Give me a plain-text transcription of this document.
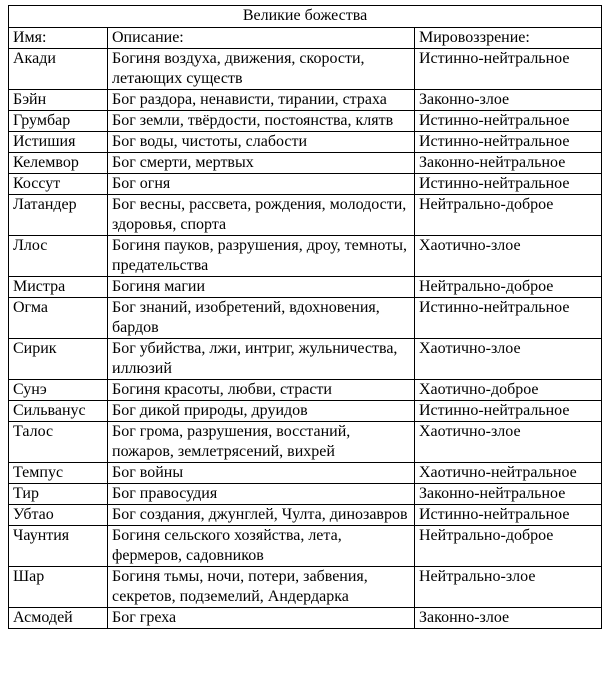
Великие божества		
Имя:	Описание:	Мировоззрение:
Акади	Богиня воздуха, движения, скорости, летающих существ	Истинно-нейтральное
Бэйн	Бог раздора, ненависти, тирании, страха	Законно-злое
Грумбар	Бог земли, твёрдости, постоянства, клятв	Истинно-нейтральное
Истишия	Бог воды, чистоты, слабости	Истинно-нейтральное
Келемвор	Бог смерти, мертвых	Законно-нейтральное
Коссут	Бог огня	Истинно-нейтральное
Латандер	Бог весны, рассвета, рождения, молодости, здоровья, спорта	Нейтрально-доброе
Ллос	Богиня пауков, разрушения, дроу, темноты, предательства	Хаотично-злое
Мистра	Богиня магии	Нейтрально-доброе
Огма	Бог знаний, изобретений, вдохновения, бардов	Истинно-нейтральное
Сирик	Бог убийства, лжи, интриг, жульничества, иллюзий	Хаотично-злое
Сунэ	Богиня красоты, любви, страсти	Хаотично-доброе
Сильванус	Бог дикой природы, друидов	Истинно-нейтральное
Талос	Бог грома, разрушения, восстаний, пожаров, землетрясений, вихрей	Хаотично-злое
Темпус	Бог войны	Хаотично-нейтральное
Тир	Бог правосудия	Законно-нейтральное
Убтао	Бог создания, джунглей, Чулта, динозавров	Истинно-нейтральное
Чаунтия	Богиня сельского хозяйства, лета, фермеров, садовников	Нейтрально-доброе
Шар	Богиня тьмы, ночи, потери, забвения, секретов, подземелий, Андердарка	Нейтрально-злое
Асмодей	Бог греха	Законно-злое
